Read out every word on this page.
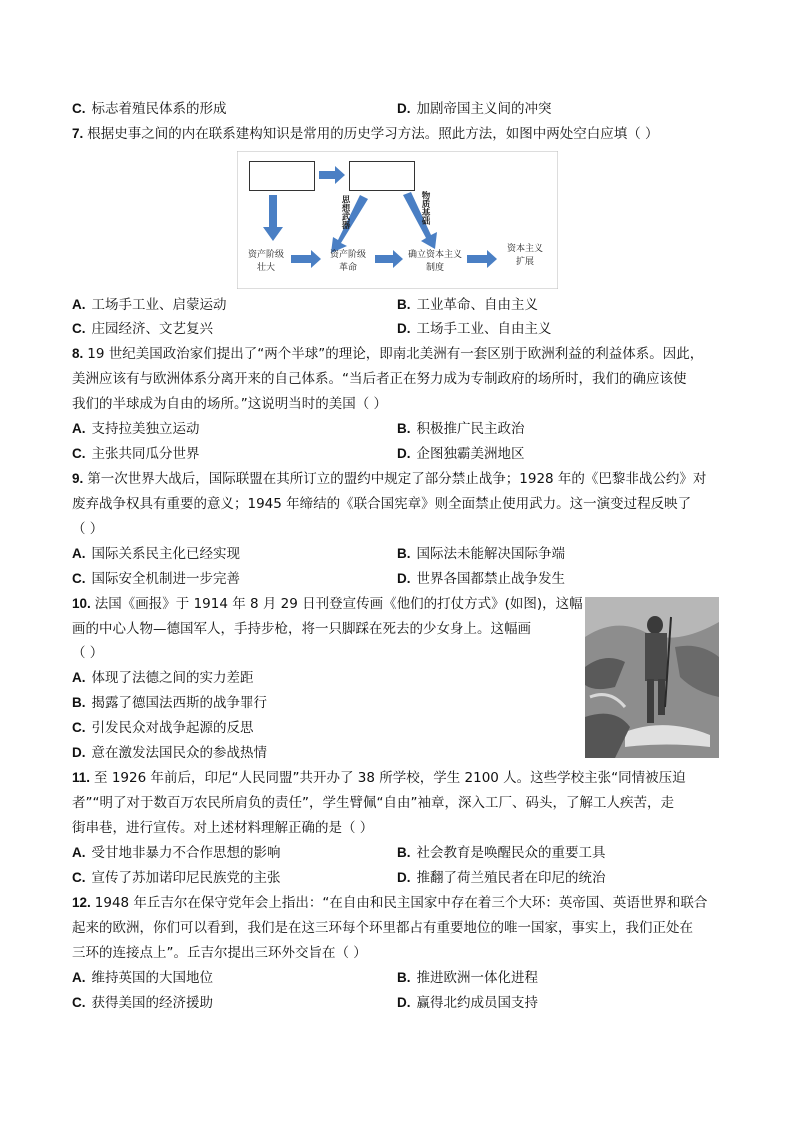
C. 标志着殖民体系的形成	D. 加剧帝国主义间的冲突
7. 根据史事之间的内在联系建构知识是常用的历史学习方法。照此方法，如图中两处空白应填（ ）
资产阶级
壮大
资产阶级
革命
确立资本主义
制度
资本主义
扩展
思想武器	物质基础
A. 工场手工业、启蒙运动	B. 工业革命、自由主义
C. 庄园经济、文艺复兴	D. 工场手工业、自由主义
8. 19 世纪美国政治家们提出了“两个半球”的理论，即南北美洲有一套区别于欧洲利益的利益体系。因此，
美洲应该有与欧洲体系分离开来的自己体系。“当后者正在努力成为专制政府的场所时，我们的确应该使
我们的半球成为自由的场所。”这说明当时的美国（ ）
A. 支持拉美独立运动	B. 积极推广民主政治
C. 主张共同瓜分世界	D. 企图独霸美洲地区
9. 第一次世界大战后，国际联盟在其所订立的盟约中规定了部分禁止战争；1928 年的《巴黎非战公约》对
废弃战争权具有重要的意义；1945 年缔结的《联合国宪章》则全面禁止使用武力。这一演变过程反映了
（ ）
A. 国际关系民主化已经实现	B. 国际法未能解决国际争端
C. 国际安全机制进一步完善	D. 世界各国都禁止战争发生
10. 法国《画报》于 1914 年 8 月 29 日刊登宣传画《他们的打仗方式》(如图)，这幅
画的中心人物—德国军人，手持步枪，将一只脚踩在死去的少女身上。这幅画
（ ）
A. 体现了法德之间的实力差距
B. 揭露了德国法西斯的战争罪行
C. 引发民众对战争起源的反思
D. 意在激发法国民众的参战热情
11. 至 1926 年前后，印尼“人民同盟”共开办了 38 所学校，学生 2100 人。这些学校主张“同情被压迫
者”“明了对于数百万农民所肩负的责任”，学生臂佩“自由”袖章，深入工厂、码头，了解工人疾苦，走
街串巷，进行宣传。对上述材料理解正确的是（ ）
A. 受甘地非暴力不合作思想的影响	B. 社会教育是唤醒民众的重要工具
C. 宣传了苏加诺印尼民族党的主张	D. 推翻了荷兰殖民者在印尼的统治
12. 1948 年丘吉尔在保守党年会上指出：“在自由和民主国家中存在着三个大环：英帝国、英语世界和联合
起来的欧洲，你们可以看到，我们是在这三环每个环里都占有重要地位的唯一国家，事实上，我们正处在
三环的连接点上”。丘吉尔提出三环外交旨在（ ）
A. 维持英国的大国地位	B. 推进欧洲一体化进程
C. 获得美国的经济援助	D. 赢得北约成员国支持
